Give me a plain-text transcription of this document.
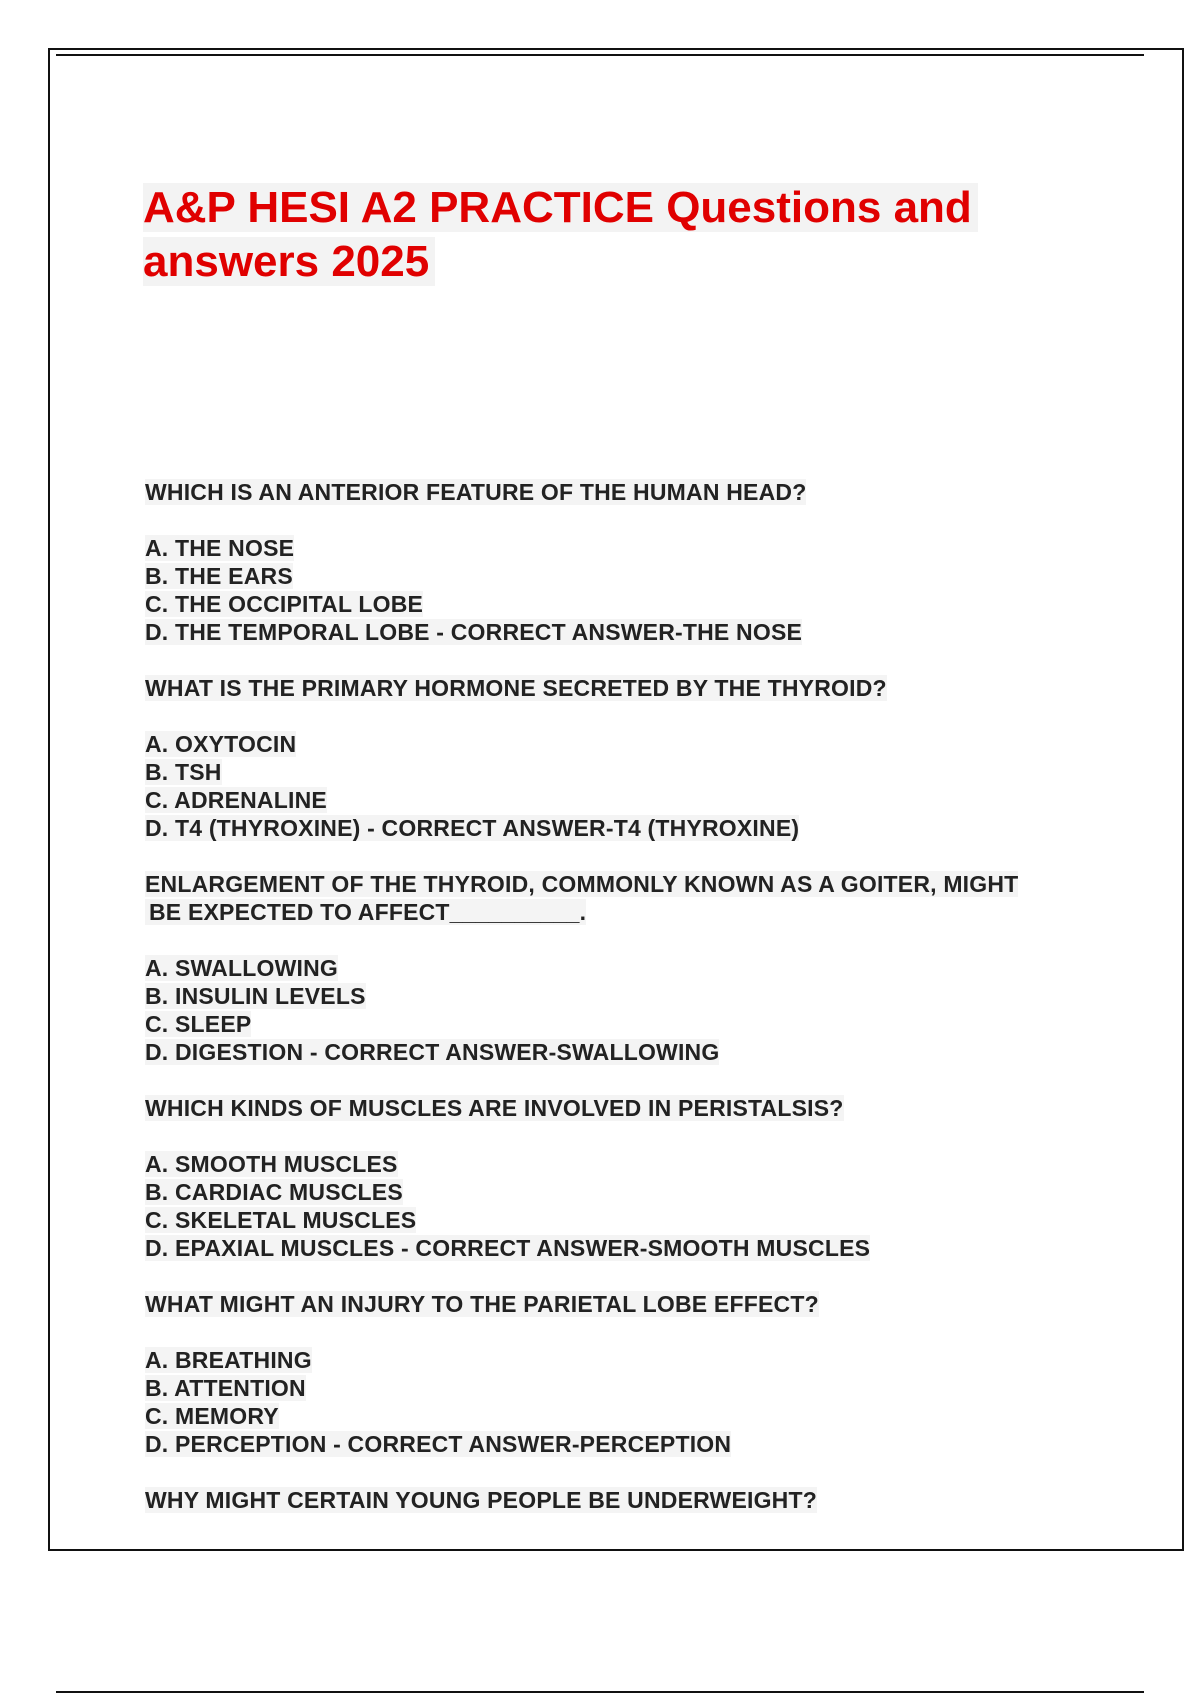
A&P HESI A2 PRACTICE Questions and
answers 2025
WHICH IS AN ANTERIOR FEATURE OF THE HUMAN HEAD?
A. THE NOSE
B. THE EARS
C. THE OCCIPITAL LOBE
D. THE TEMPORAL LOBE - CORRECT ANSWER-THE NOSE
WHAT IS THE PRIMARY HORMONE SECRETED BY THE THYROID?
A. OXYTOCIN
B. TSH
C. ADRENALINE
D. T4 (THYROXINE) - CORRECT ANSWER-T4 (THYROXINE)
ENLARGEMENT OF THE THYROID, COMMONLY KNOWN AS A GOITER, MIGHT
BE EXPECTED TO AFFECT__________.
A. SWALLOWING
B. INSULIN LEVELS
C. SLEEP
D. DIGESTION - CORRECT ANSWER-SWALLOWING
WHICH KINDS OF MUSCLES ARE INVOLVED IN PERISTALSIS?
A. SMOOTH MUSCLES
B. CARDIAC MUSCLES
C. SKELETAL MUSCLES
D. EPAXIAL MUSCLES - CORRECT ANSWER-SMOOTH MUSCLES
WHAT MIGHT AN INJURY TO THE PARIETAL LOBE EFFECT?
A. BREATHING
B. ATTENTION
C. MEMORY
D. PERCEPTION - CORRECT ANSWER-PERCEPTION
WHY MIGHT CERTAIN YOUNG PEOPLE BE UNDERWEIGHT?
